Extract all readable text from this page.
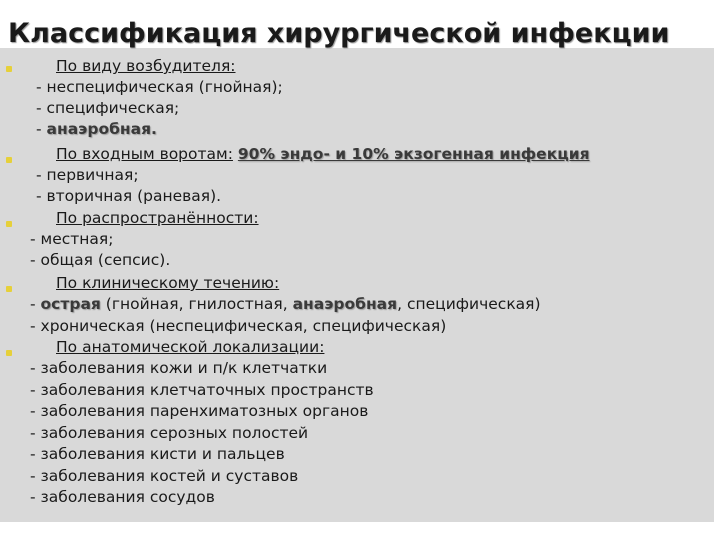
Классификация хирургической инфекции
По виду возбудителя:
- неспецифическая (гнойная);
- специфическая;
- анаэробная.
По входным воротам: 90% эндо- и 10% экзогенная инфекция
- первичная;
- вторичная (раневая).
По распространённости:
- местная;
- общая (сепсис).
По клиническому течению:
- острая (гнойная, гнилостная, анаэробная, специфическая)
- хроническая (неспецифическая, специфическая)
По анатомической локализации:
- заболевания кожи и п/к клетчатки
- заболевания клетчаточных пространств
- заболевания паренхиматозных органов
- заболевания серозных полостей
- заболевания кисти и пальцев
- заболевания костей и суставов
- заболевания сосудов
